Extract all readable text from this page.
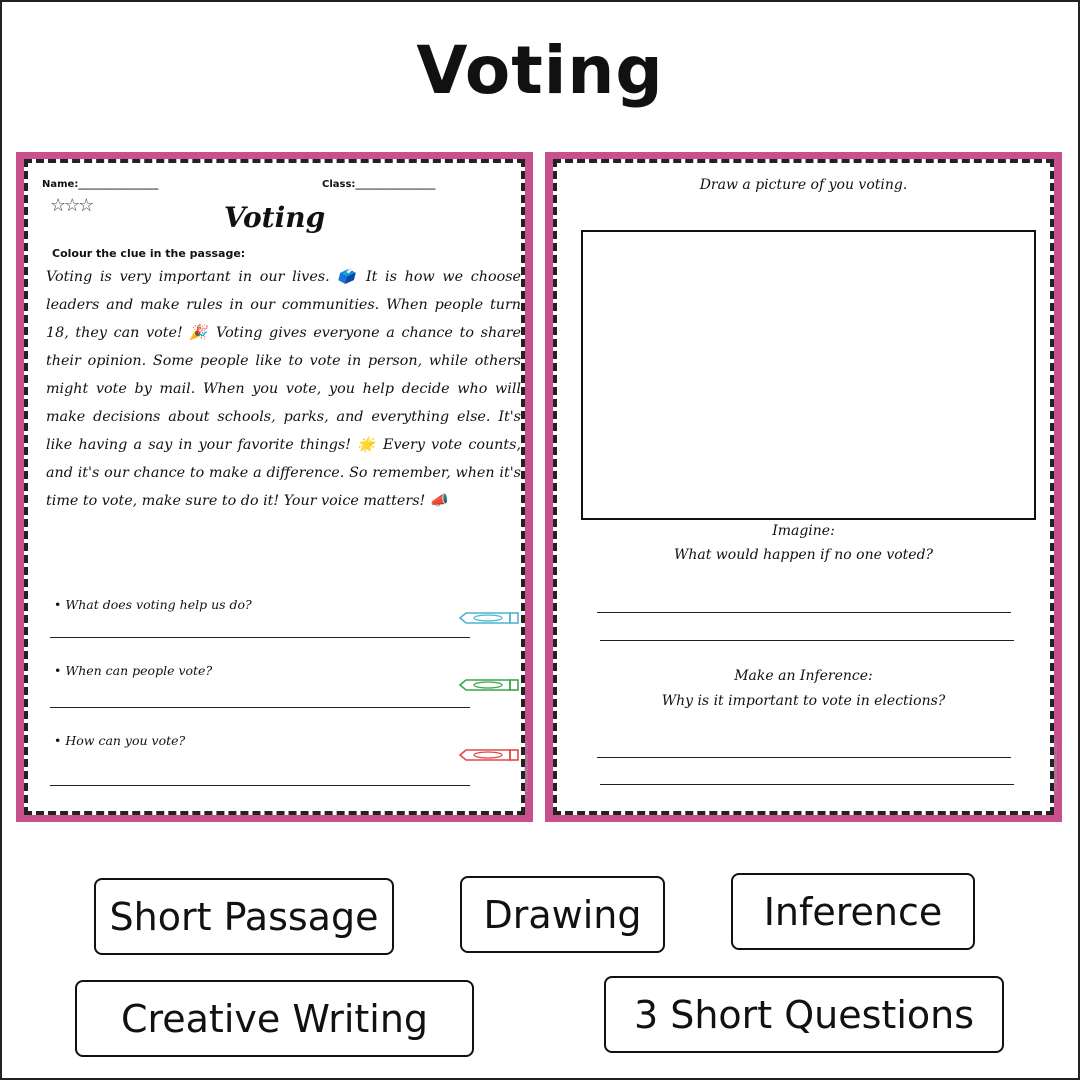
Voting
Name:________________	Class:________________
☆☆☆	Voting
Colour the clue in the passage:
Voting is very important in our lives. 🗳️ It is how we choose leaders and make rules in our communities. When people turn 18, they can vote! 🎉 Voting gives everyone a chance to share their opinion. Some people like to vote in person, while others might vote by mail. When you vote, you help decide who will make decisions about schools, parks, and everything else. It's like having a say in your favorite things! 🌟 Every vote counts, and it's our chance to make a difference. So remember, when it's time to vote, make sure to do it! Your voice matters! 📣
• What does voting help us do?
• When can people vote?
• How can you vote?
© PrintableBazaar.com
Draw a picture of you voting.
Imagine:
What would happen if no one voted?
Make an Inference:
Why is it important to vote in elections?
© PrintableBazaar.com
Short Passage	Drawing	Inference
Creative Writing	3 Short Questions
